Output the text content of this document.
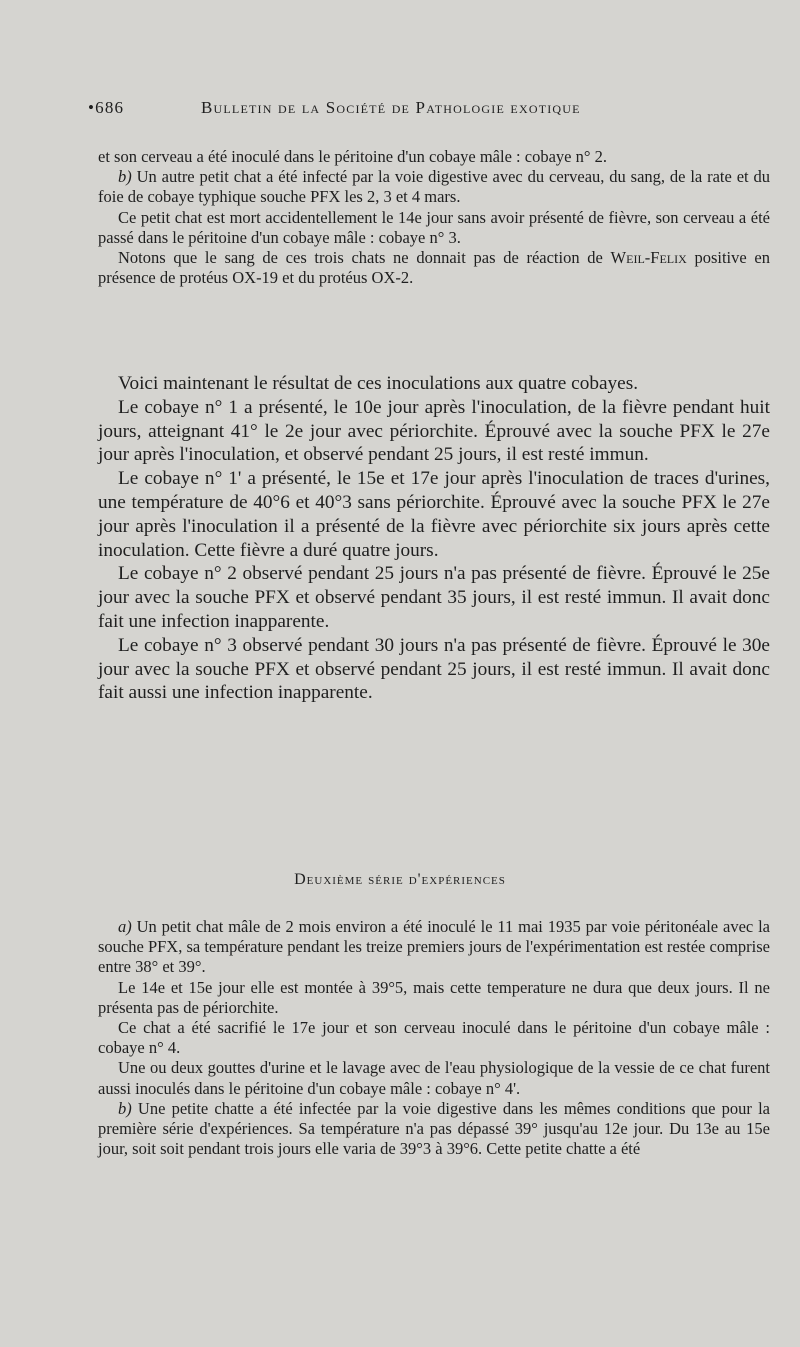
•686	Bulletin de la Société de Pathologie exotique

et son cerveau a été inoculé dans le péritoine d'un cobaye mâle : cobaye n° 2.

b) Un autre petit chat a été infecté par la voie digestive avec du cerveau, du sang, de la rate et du foie de cobaye typhique souche PFX les 2, 3 et 4 mars.

Ce petit chat est mort accidentellement le 14e jour sans avoir présenté de fièvre, son cerveau a été passé dans le péritoine d'un cobaye mâle : cobaye n° 3.

Notons que le sang de ces trois chats ne donnait pas de réaction de Weil-Felix positive en présence de protéus OX-19 et du protéus OX-2.

Voici maintenant le résultat de ces inoculations aux quatre cobayes.

Le cobaye n° 1 a présenté, le 10e jour après l'inoculation, de la fièvre pendant huit jours, atteignant 41° le 2e jour avec périorchite. Éprouvé avec la souche PFX le 27e jour après l'inoculation, et observé pendant 25 jours, il est resté immun.

Le cobaye n° 1' a présenté, le 15e et 17e jour après l'inoculation de traces d'urines, une température de 40°6 et 40°3 sans périorchite. Éprouvé avec la souche PFX le 27e jour après l'inoculation il a présenté de la fièvre avec périorchite six jours après cette inoculation. Cette fièvre a duré quatre jours.

Le cobaye n° 2 observé pendant 25 jours n'a pas présenté de fièvre. Éprouvé le 25e jour avec la souche PFX et observé pendant 35 jours, il est resté immun. Il avait donc fait une infection inapparente.

Le cobaye n° 3 observé pendant 30 jours n'a pas présenté de fièvre. Éprouvé le 30e jour avec la souche PFX et observé pendant 25 jours, il est resté immun. Il avait donc fait aussi une infection inapparente.

Deuxième série d'expériences

a) Un petit chat mâle de 2 mois environ a été inoculé le 11 mai 1935 par voie péritonéale avec la souche PFX, sa température pendant les treize premiers jours de l'expérimentation est restée comprise entre 38° et 39°.

Le 14e et 15e jour elle est montée à 39°5, mais cette temperature ne dura que deux jours. Il ne présenta pas de périorchite.

Ce chat a été sacrifié le 17e jour et son cerveau inoculé dans le péritoine d'un cobaye mâle : cobaye n° 4.

Une ou deux gouttes d'urine et le lavage avec de l'eau physiologique de la vessie de ce chat furent aussi inoculés dans le péritoine d'un cobaye mâle : cobaye n° 4'.

b) Une petite chatte a été infectée par la voie digestive dans les mêmes conditions que pour la première série d'expériences. Sa température n'a pas dépassé 39° jusqu'au 12e jour. Du 13e au 15e jour, soit soit pendant trois jours elle varia de 39°3 à 39°6. Cette petite chatte a été
